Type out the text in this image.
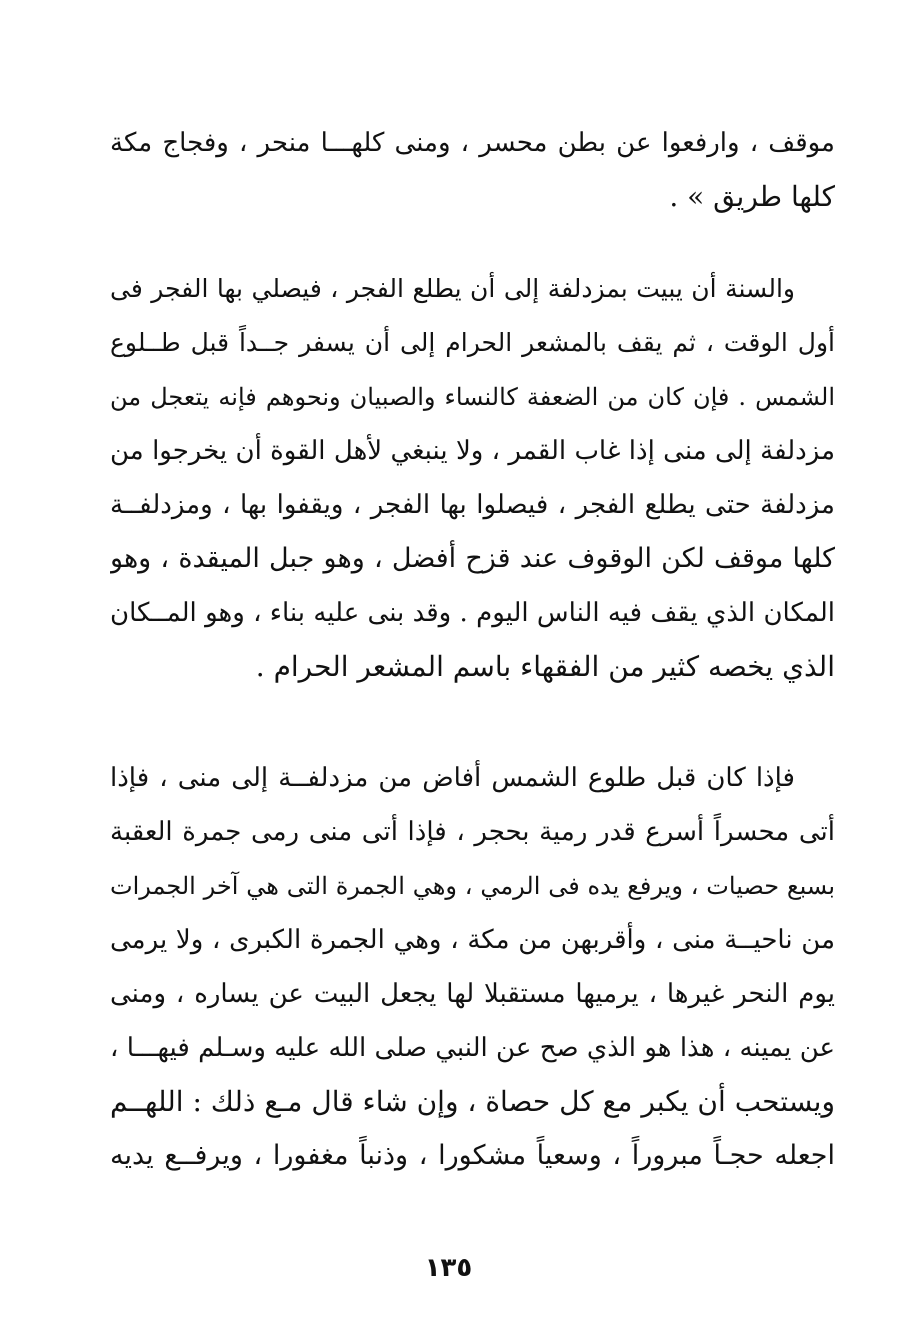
موقف ، وارفعوا عن بطن محسر ، ومنى كلهـــا منحر ، وفجاج مكة
كلها طريق » .
والسنة أن يبيت بمزدلفة إلى أن يطلع الفجر ، فيصلي بها الفجر فى
أول الوقت ، ثم يقف بالمشعر الحرام إلى أن يسفر جــداً قبل طــلوع
الشمس . فإن كان من الضعفة كالنساء والصبيان ونحوهم فإنه يتعجل من
مزدلفة إلى منى إذا غاب القمر ، ولا ينبغي لأهل القوة أن يخرجوا من
مزدلفة حتى يطلع الفجر ، فيصلوا بها الفجر ، ويقفوا بها ، ومزدلفــة
كلها موقف لكن الوقوف عند قزح أفضل ، وهو جبل الميقدة ، وهو
المكان الذي يقف فيه الناس اليوم . وقد بنى عليه بناء ، وهو المــكان
الذي يخصه كثير من الفقهاء باسم المشعر الحرام .
فإذا كان قبل طلوع الشمس أفاض من مزدلفــة إلى منى ، فإذا
أتى محسراً أسرع قدر رمية بحجر ، فإذا أتى منى رمى جمرة العقبة
بسبع حصيات ، ويرفع يده فى الرمي ، وهي الجمرة التى هي آخر الجمرات
من ناحيــة منى ، وأقربهن من مكة ، وهي الجمرة الكبرى ، ولا يرمى
يوم النحر غيرها ، يرميها مستقبلا لها يجعل البيت عن يساره ، ومنى
عن يمينه ، هذا هو الذي صح عن النبي صلى الله عليه وسـلم فيهـــا ،
ويستحب أن يكبر مع كل حصاة ، وإن شاء قال مـع ذلك : اللهــم
اجعله حجـاً مبروراً ، وسعياً مشكورا ، وذنباً مغفورا ، ويرفــع يديه
١٣٥
